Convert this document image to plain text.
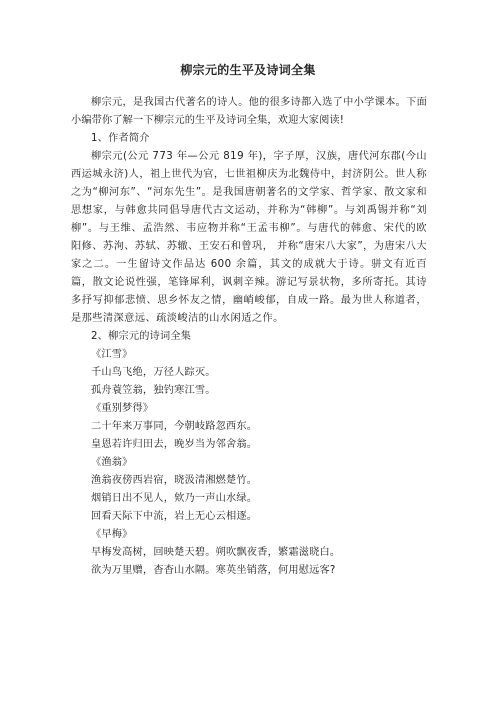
柳宗元的生平及诗词全集

柳宗元，是我国古代著名的诗人。他的很多诗都入选了中小学课本。下面小编带你了解一下柳宗元的生平及诗词全集，欢迎大家阅读!

1、作者简介

柳宗元(公元 773 年—公元 819 年)，字子厚，汉族，唐代河东郡(今山西运城永济)人，祖上世代为官，七世祖柳庆为北魏侍中，封济阴公。世人称之为“柳河东”、“河东先生”。是我国唐朝著名的文学家、哲学家、散文家和思想家，与韩愈共同倡导唐代古文运动，并称为“韩柳”。与刘禹锡并称“刘柳”。与王维、孟浩然、韦应物并称“王孟韦柳”。与唐代的韩愈、宋代的欧阳修、苏洵、苏轼、苏辙、王安石和曾巩， 并称“唐宋八大家”，为唐宋八大家之二。一生留诗文作品达 600 余篇，其文的成就大于诗。骈文有近百篇，散文论说性强，笔锋犀利，讽刺辛辣。游记写景状物，多所寄托。其诗多抒写抑郁悲愤、思乡怀友之情，幽峭峻郁，自成一路。最为世人称道者，是那些清深意远、疏淡峻洁的山水闲适之作。

2、柳宗元的诗词全集

《江雪》

千山鸟飞绝，万径人踪灭。

孤舟蓑笠翁，独钓寒江雪。

《重别梦得》

二十年来万事同，今朝岐路忽西东。

皇恩若许归田去，晚岁当为邻舍翁。

《渔翁》

渔翁夜傍西岩宿，晓汲清湘燃楚竹。

烟销日出不见人，欸乃一声山水绿。

回看天际下中流，岩上无心云相逐。

《早梅》

早梅发高树，回映楚天碧。朔吹飘夜香，繁霜滋晓白。

欲为万里赠，杳杳山水隔。寒英坐销落，何用慰远客?
